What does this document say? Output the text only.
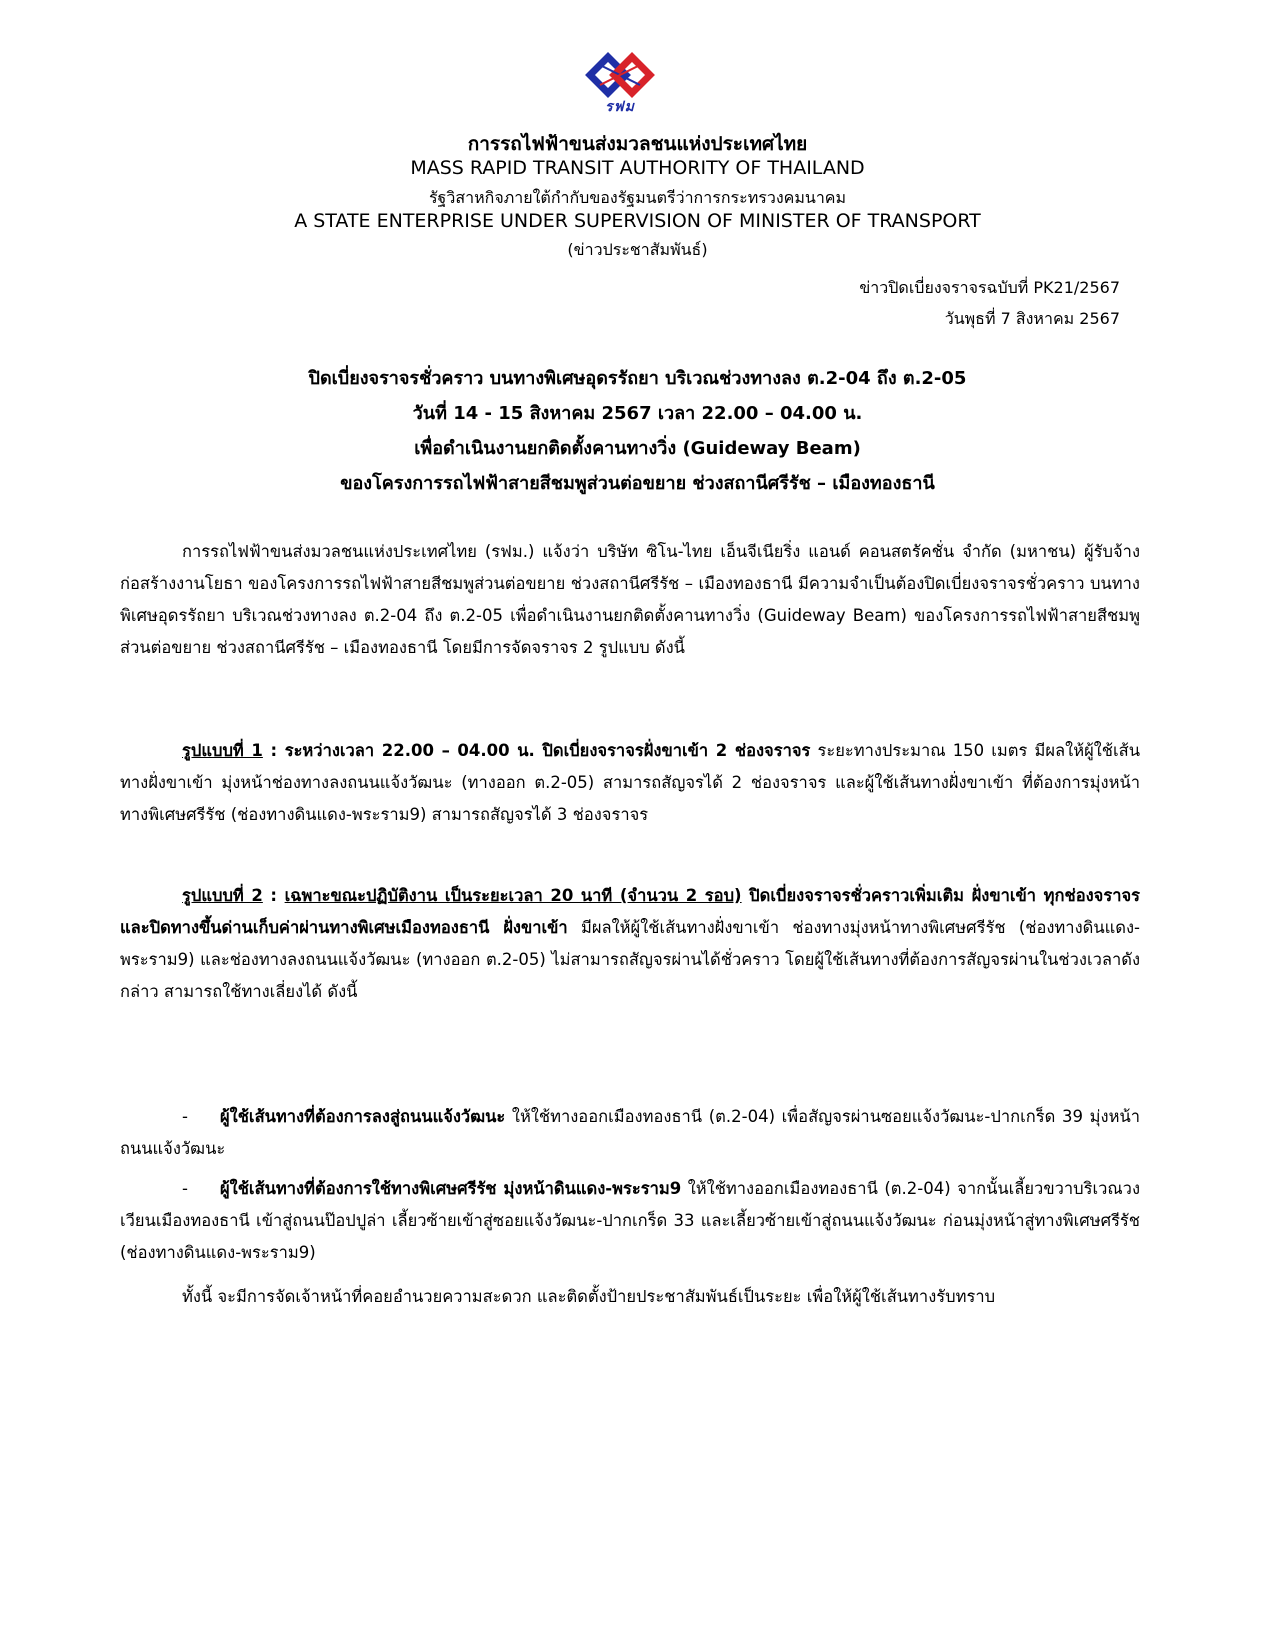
รฟม
การรถไฟฟ้าขนส่งมวลชนแห่งประเทศไทย
MASS RAPID TRANSIT AUTHORITY OF THAILAND
รัฐวิสาหกิจภายใต้กำกับของรัฐมนตรีว่าการกระทรวงคมนาคม
A STATE ENTERPRISE UNDER SUPERVISION OF MINISTER OF TRANSPORT
(ข่าวประชาสัมพันธ์)
ข่าวปิดเบี่ยงจราจรฉบับที่ PK21/2567
วันพุธที่ 7 สิงหาคม 2567
ปิดเบี่ยงจราจรชั่วคราว บนทางพิเศษอุดรรัถยา บริเวณช่วงทางลง ต.2-04 ถึง ต.2-05
วันที่ 14 - 15 สิงหาคม 2567 เวลา 22.00 – 04.00 น.
เพื่อดำเนินงานยกติดตั้งคานทางวิ่ง (Guideway Beam)
ของโครงการรถไฟฟ้าสายสีชมพูส่วนต่อขยาย ช่วงสถานีศรีรัช – เมืองทองธานี
การรถไฟฟ้าขนส่งมวลชนแห่งประเทศไทย (รฟม.) แจ้งว่า บริษัท ซิโน-ไทย เอ็นจีเนียริ่ง แอนด์ คอนสตรัคชั่น จำกัด (มหาชน) ผู้รับจ้างก่อสร้างงานโยธา ของโครงการรถไฟฟ้าสายสีชมพูส่วนต่อขยาย ช่วงสถานีศรีรัช – เมืองทองธานี มีความจำเป็นต้องปิดเบี่ยงจราจรชั่วคราว บนทางพิเศษอุดรรัถยา บริเวณช่วงทางลง ต.2-04 ถึง ต.2-05 เพื่อดำเนินงานยกติดตั้งคานทางวิ่ง (Guideway Beam) ของโครงการรถไฟฟ้าสายสีชมพูส่วนต่อขยาย ช่วงสถานีศรีรัช – เมืองทองธานี โดยมีการจัดจราจร 2 รูปแบบ ดังนี้
รูปแบบที่ 1 : ระหว่างเวลา 22.00 – 04.00 น. ปิดเบี่ยงจราจรฝั่งขาเข้า 2 ช่องจราจร ระยะทางประมาณ 150 เมตร มีผลให้ผู้ใช้เส้นทางฝั่งขาเข้า มุ่งหน้าช่องทางลงถนนแจ้งวัฒนะ (ทางออก ต.2-05) สามารถสัญจรได้ 2 ช่องจราจร และผู้ใช้เส้นทางฝั่งขาเข้า ที่ต้องการมุ่งหน้าทางพิเศษศรีรัช (ช่องทางดินแดง-พระราม9) สามารถสัญจรได้ 3 ช่องจราจร
รูปแบบที่ 2 : เฉพาะขณะปฏิบัติงาน เป็นระยะเวลา 20 นาที (จำนวน 2 รอบ) ปิดเบี่ยงจราจรชั่วคราวเพิ่มเติม ฝั่งขาเข้า ทุกช่องจราจร และปิดทางขึ้นด่านเก็บค่าผ่านทางพิเศษเมืองทองธานี ฝั่งขาเข้า มีผลให้ผู้ใช้เส้นทางฝั่งขาเข้า ช่องทางมุ่งหน้าทางพิเศษศรีรัช (ช่องทางดินแดง-พระราม9) และช่องทางลงถนนแจ้งวัฒนะ (ทางออก ต.2-05) ไม่สามารถสัญจรผ่านได้ชั่วคราว โดยผู้ใช้เส้นทางที่ต้องการสัญจรผ่านในช่วงเวลาดังกล่าว สามารถใช้ทางเลี่ยงได้ ดังนี้
- ผู้ใช้เส้นทางที่ต้องการลงสู่ถนนแจ้งวัฒนะ ให้ใช้ทางออกเมืองทองธานี (ต.2-04) เพื่อสัญจรผ่านซอยแจ้งวัฒนะ-ปากเกร็ด 39 มุ่งหน้าถนนแจ้งวัฒนะ
- ผู้ใช้เส้นทางที่ต้องการใช้ทางพิเศษศรีรัช มุ่งหน้าดินแดง-พระราม9 ให้ใช้ทางออกเมืองทองธานี (ต.2-04) จากนั้นเลี้ยวขวาบริเวณวงเวียนเมืองทองธานี เข้าสู่ถนนป๊อปปูล่า เลี้ยวซ้ายเข้าสู่ซอยแจ้งวัฒนะ-ปากเกร็ด 33 และเลี้ยวซ้ายเข้าสู่ถนนแจ้งวัฒนะ ก่อนมุ่งหน้าสู่ทางพิเศษศรีรัช (ช่องทางดินแดง-พระราม9)
ทั้งนี้ จะมีการจัดเจ้าหน้าที่คอยอำนวยความสะดวก และติดตั้งป้ายประชาสัมพันธ์เป็นระยะ เพื่อให้ผู้ใช้เส้นทางรับทราบ
